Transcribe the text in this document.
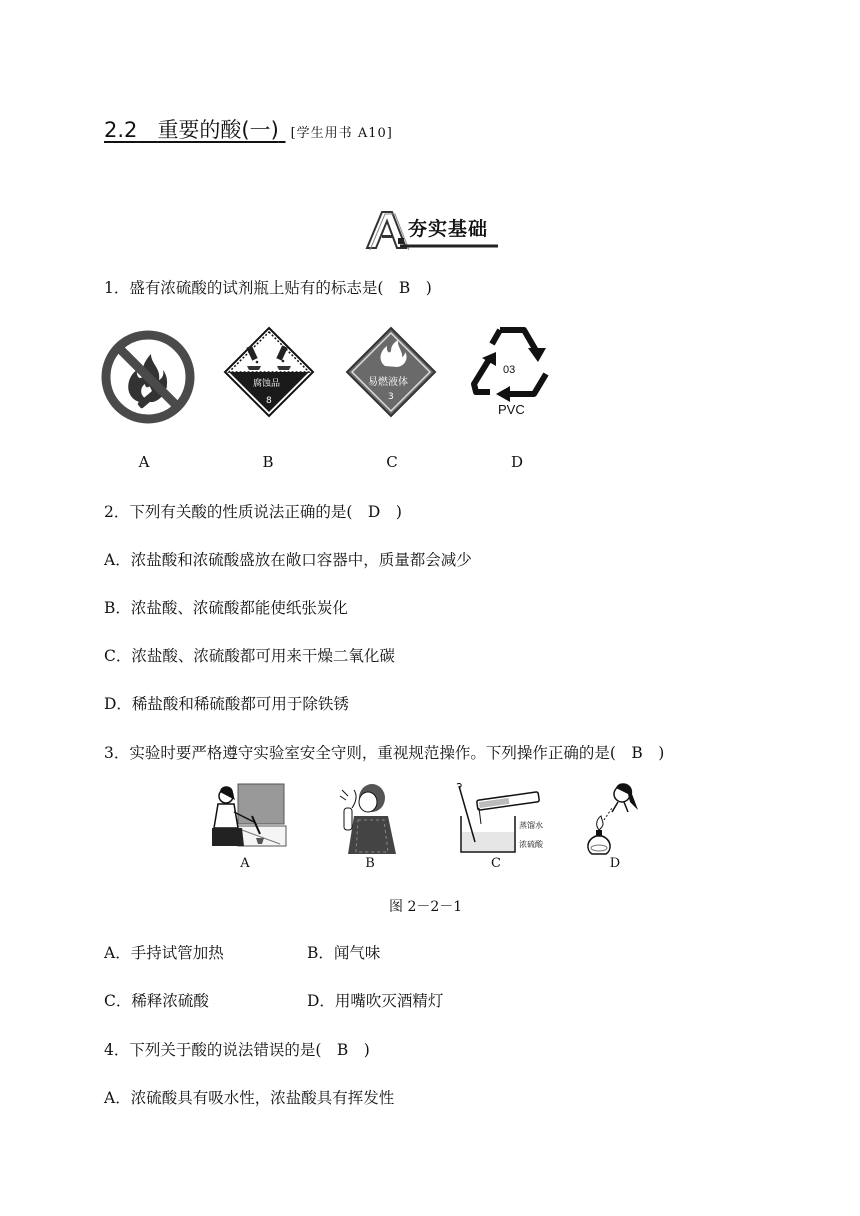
2.2 重要的酸(一) [学生用书 A10]
夯实基础
1．盛有浓硫酸的试剂瓶上贴有的标志是(　B　)
腐蚀品
8
易燃液体
3
03
PVC
A	B	C	D
2．下列有关酸的性质说法正确的是(　D　)
A．浓盐酸和浓硫酸盛放在敞口容器中，质量都会减少
B．浓盐酸、浓硫酸都能使纸张炭化
C．浓盐酸、浓硫酸都可用来干燥二氧化碳
D．稀盐酸和稀硫酸都可用于除铁锈
3．实验时要严格遵守实验室安全守则，重视规范操作。下列操作正确的是(　B　)
蒸馏水
浓硫酸
A	B	C	D
图 2－2－1
A．手持试管加热	B．闻气味
C．稀释浓硫酸	D．用嘴吹灭酒精灯
4．下列关于酸的说法错误的是(　B　)
A．浓硫酸具有吸水性，浓盐酸具有挥发性
